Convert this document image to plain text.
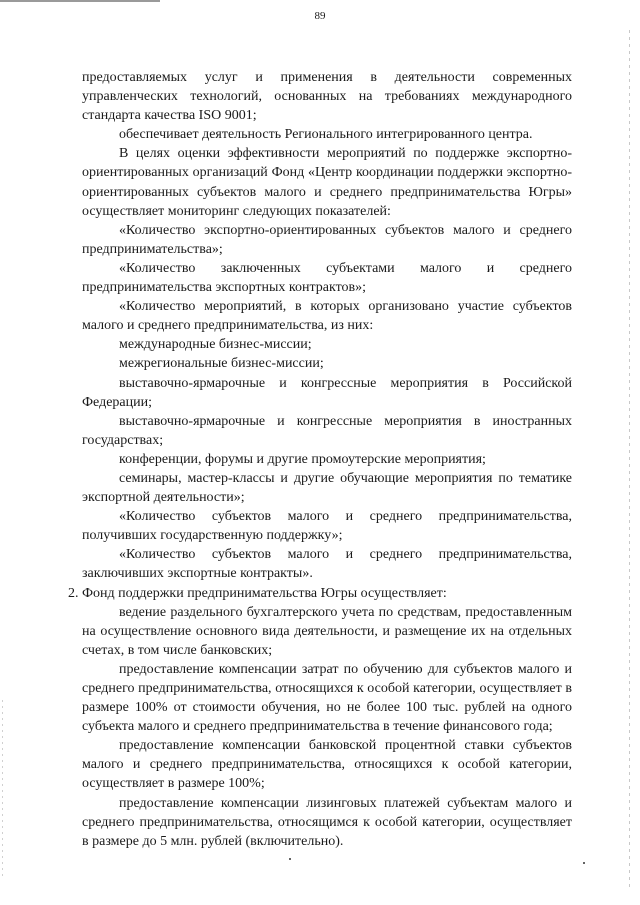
89

предоставляемых услуг и применения в деятельности современных управленческих технологий, основанных на требованиях международного стандарта качества ISO 9001;

обеспечивает деятельность Регионального интегрированного центра.

В целях оценки эффективности мероприятий по поддержке экспортно-ориентированных организаций Фонд «Центр координации поддержки экспортно-ориентированных субъектов малого и среднего предпринимательства Югры» осуществляет мониторинг следующих показателей:

«Количество экспортно-ориентированных субъектов малого и среднего предпринимательства»;

«Количество заключенных субъектами малого и среднего предпринимательства экспортных контрактов»;

«Количество мероприятий, в которых организовано участие субъектов малого и среднего предпринимательства, из них:

международные бизнес-миссии;

межрегиональные бизнес-миссии;

выставочно-ярмарочные и конгрессные мероприятия в Российской Федерации;

выставочно-ярмарочные и конгрессные мероприятия в иностранных государствах;

конференции, форумы и другие промоутерские мероприятия;

семинары, мастер-классы и другие обучающие мероприятия по тематике экспортной деятельности»;

«Количество субъектов малого и среднего предпринимательства, получивших государственную поддержку»;

«Количество субъектов малого и среднего предпринимательства, заключивших экспортные контракты».

2. Фонд поддержки предпринимательства Югры осуществляет:

ведение раздельного бухгалтерского учета по средствам, предоставленным на осуществление основного вида деятельности, и размещение их на отдельных счетах, в том числе банковских;

предоставление компенсации затрат по обучению для субъектов малого и среднего предпринимательства, относящихся к особой категории, осуществляет в размере 100% от стоимости обучения, но не более 100 тыс. рублей на одного субъекта малого и среднего предпринимательства в течение финансового года;

предоставление компенсации банковской процентной ставки субъектов малого и среднего предпринимательства, относящихся к особой категории, осуществляет в размере 100%;

предоставление компенсации лизинговых платежей субъектам малого и среднего предпринимательства, относящимся к особой категории, осуществляет в размере до 5 млн. рублей (включительно).
